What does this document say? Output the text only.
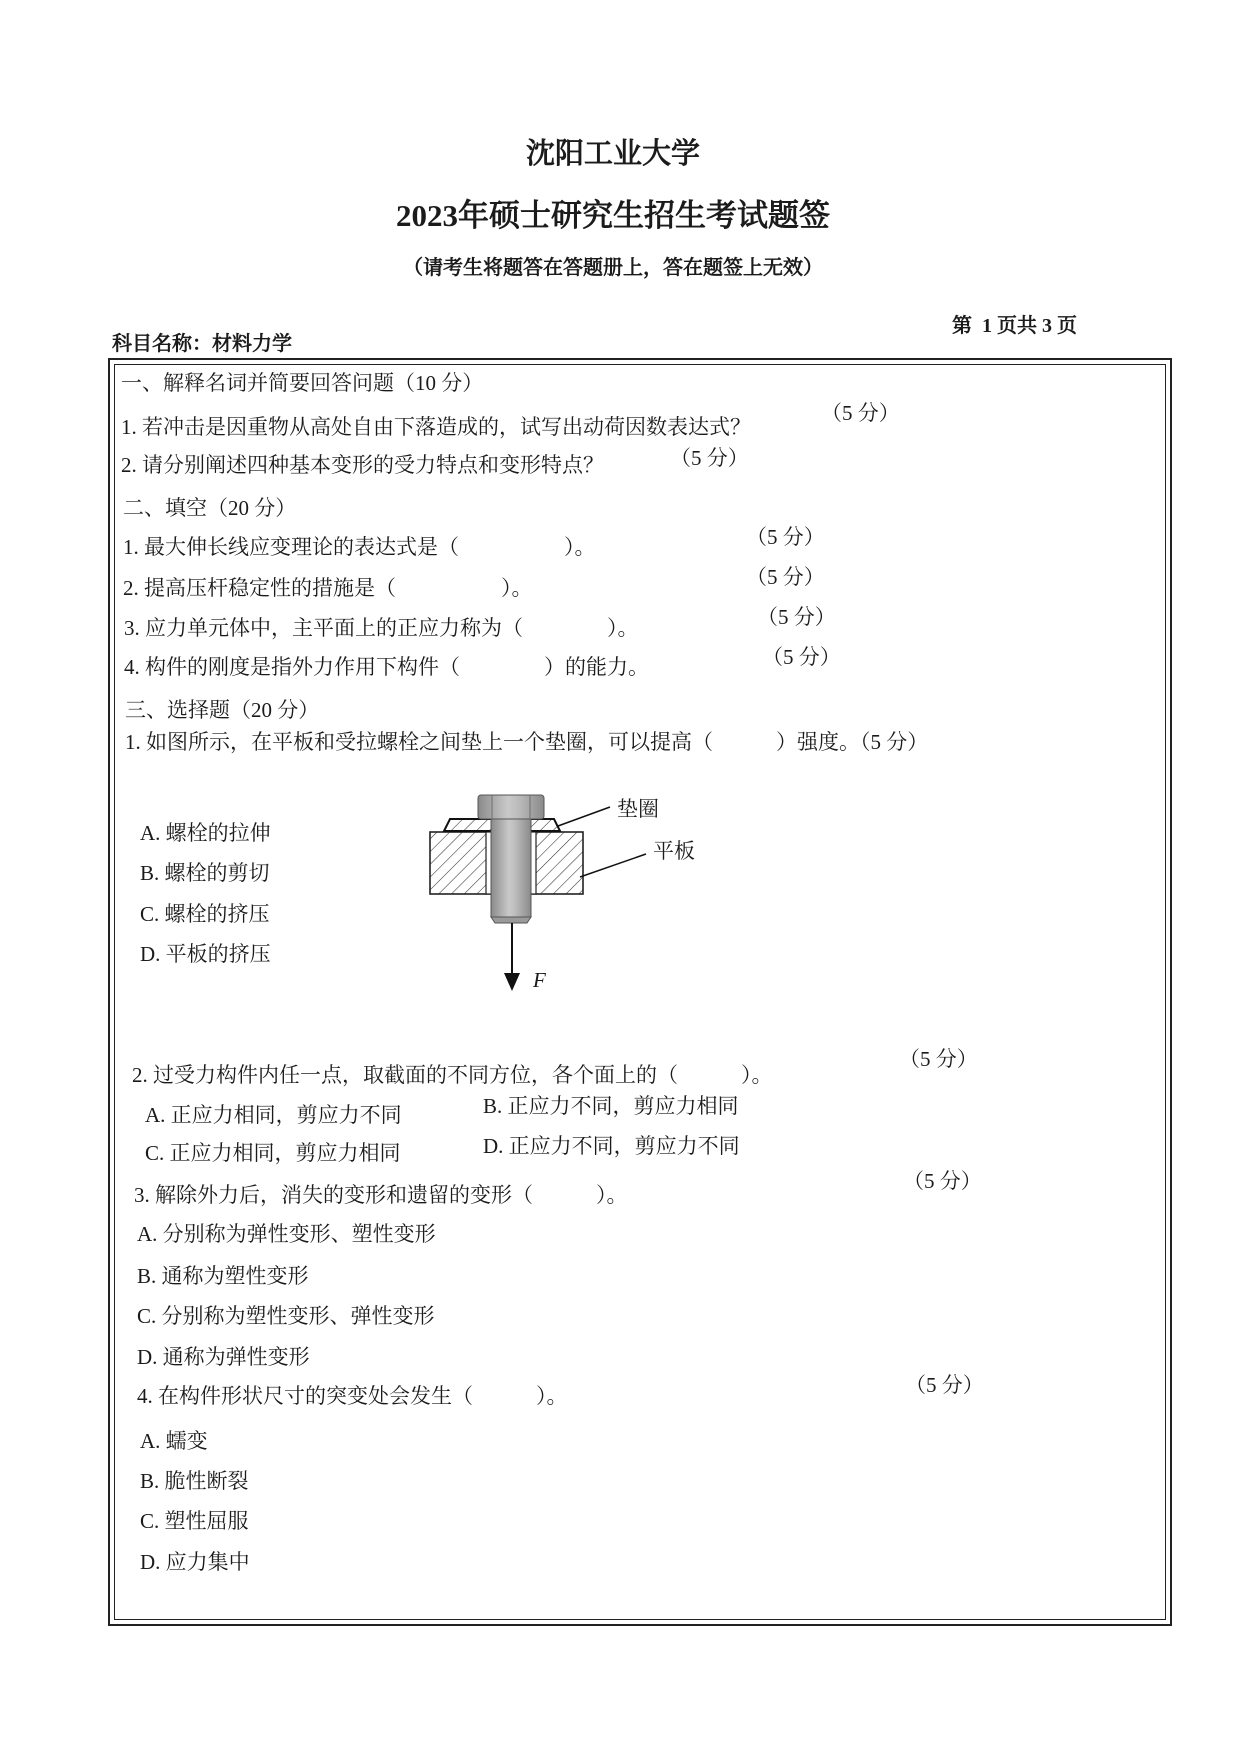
沈阳工业大学
2023年硕士研究生招生考试题签
（请考生将题答在答题册上，答在题签上无效）
第  1 页共 3 页
科目名称：材料力学
一、解释名词并简要回答问题（10 分）
1. 若冲击是因重物从高处自由下落造成的，试写出动荷因数表达式？
（5 分）
2. 请分别阐述四种基本变形的受力特点和变形特点？	（5 分）
二、填空（20 分）
1. 最大伸长线应变理论的表达式是（　　　　　）。	（5 分）
2. 提高压杆稳定性的措施是（　　　　　）。	（5 分）
3. 应力单元体中，主平面上的正应力称为（　　　　）。	（5 分）
4. 构件的刚度是指外力作用下构件（　　　　）的能力。	（5 分）
三、选择题（20 分）
1. 如图所示，在平板和受拉螺栓之间垫上一个垫圈，可以提高（　　　）强度。（5 分）
A. 螺栓的拉伸
B. 螺栓的剪切
C. 螺栓的挤压
D. 平板的挤压
垫圈
平板
F
2. 过受力构件内任一点，取截面的不同方位，各个面上的（　　　）。
（5 分）
A. 正应力相同，剪应力不同	B. 正应力不同，剪应力相同
C. 正应力相同，剪应力相同	D. 正应力不同，剪应力不同
3. 解除外力后，消失的变形和遗留的变形（　　　）。
（5 分）
A. 分别称为弹性变形、塑性变形
B. 通称为塑性变形
C. 分别称为塑性变形、弹性变形
D. 通称为弹性变形
4. 在构件形状尺寸的突变处会发生（　　　）。	（5 分）
A. 蠕变
B. 脆性断裂
C. 塑性屈服
D. 应力集中
